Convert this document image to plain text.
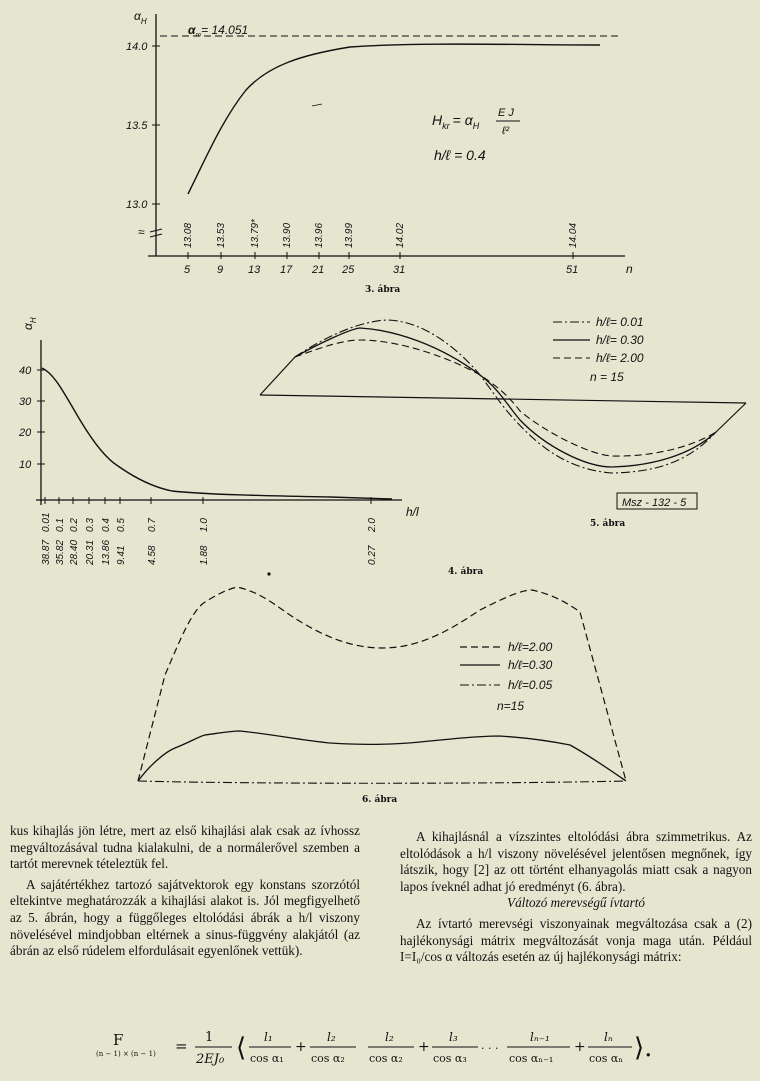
$\alpha_H$
$\alpha_\infty= 14.051$
14.0
13.5
13.0
≈
$H_{kr} = \alpha_H$
E J
ℓ²
h/ℓ = 0.4
13.08 13.53 13.79* 13.90 13.96 13.99	14.02	14.04
5 9 13 17 21 25	31	51	n
3. ábra
$\alpha_H$
40
30
20
10
h/l
0.01 0.1 0.2 0.3 0.4 0.5 0.7	1.0	2.0
38.87 35.82 28.40 20.31 13.86 9.41 4.58	1.88	0.27
4. ábra
h/ℓ= 0.01
h/ℓ= 0.30
h/ℓ= 2.00
n = 15
Msz - 132 - 5
5. ábra
h/ℓ=2.00
h/ℓ=0.30
h/ℓ=0.05
n=15
6. ábra

kus kihajlás jön létre, mert az első kihajlási alak csak az ívhossz megváltozásával tudna kialakulni, de a normálerővel szemben a tartót merevnek tételeztük fel.

A sajátértékhez tartozó sajátvektorok egy konstans szorzótól eltekintve meghatározzák a kihajlási alakot is. Jól megfigyelhető az 5. ábrán, hogy a függőleges eltolódási ábrák a h/l viszony növelésével mindjobban eltérnek a sinus-függvény alakjától (az ábrán az első rúdelem elfordulásait egyenlőnek vettük).

A kihajlásnál a vízszintes eltolódási ábra szimmetrikus. Az eltolódások a h/l viszony növelésével jelentősen megnőnek, így látszik, hogy [2] az ott történt elhanyagolás miatt csak a nagyon lapos íveknél adhat jó eredményt (6. ábra).

Változó merevségű ívtartó

Az ívtartó merevségi viszonyainak megváltozása csak a (2) hajlékonysági mátrix megváltozását vonja maga után. Például I=I₀/cos α változás esetén az új hajlékonysági mátrix:

F
(n − 1) × (n − 1) = 1
2EJ₀ ⟨ l₁
cos α₁
+
l₂
cos α₂
l₂
cos α₂
+
l₃
cos α₃
· · ·
lₙ₋₁
cos αₙ₋₁
+
lₙ
cos αₙ ⟩.
